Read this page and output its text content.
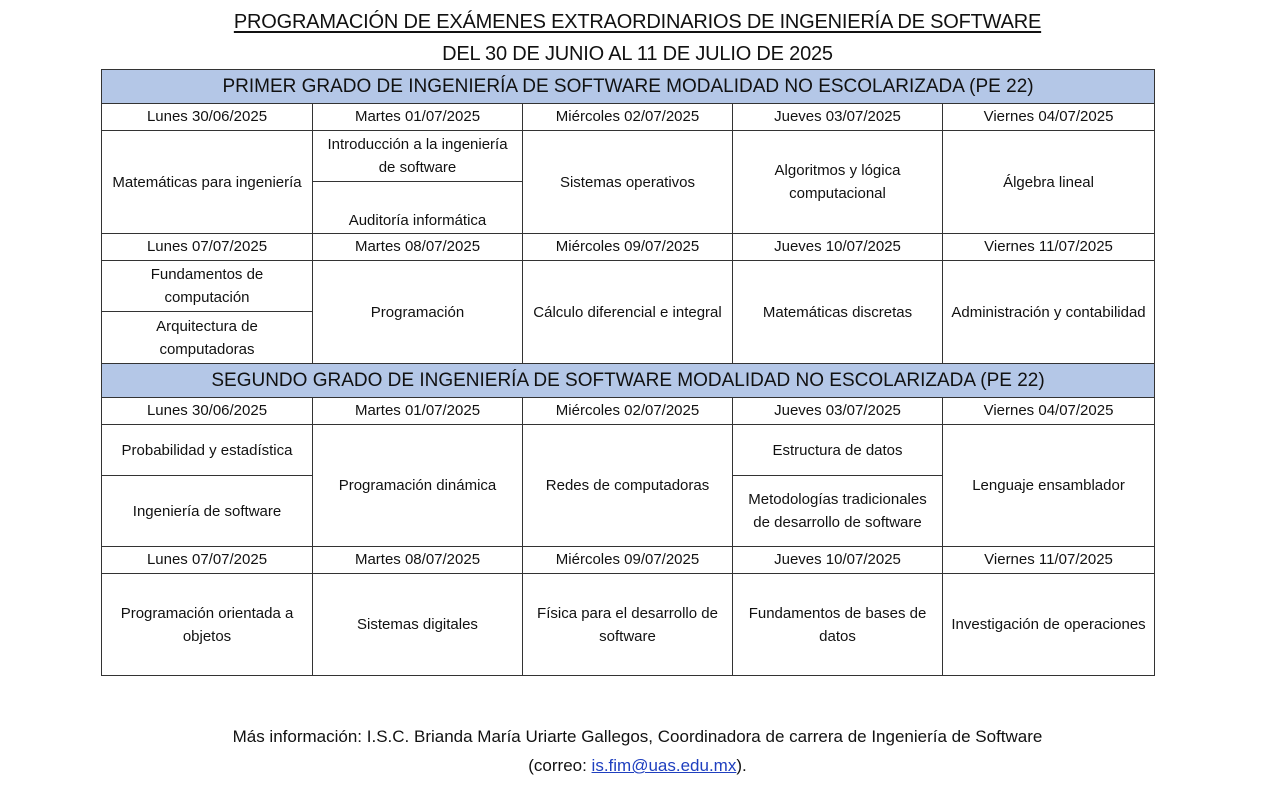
PROGRAMACIÓN DE EXÁMENES EXTRAORDINARIOS DE INGENIERÍA DE SOFTWARE
DEL 30 DE JUNIO AL 11 DE JULIO DE 2025
PRIMER GRADO DE INGENIERÍA DE SOFTWARE MODALIDAD NO ESCOLARIZADA (PE 22)				
Lunes 30/06/2025	Martes 01/07/2025	Miércoles 02/07/2025	Jueves 03/07/2025	Viernes 04/07/2025
Matemáticas para ingeniería	Introducción a la ingeniería de software	Sistemas operativos	Algoritmos y lógica computacional	Álgebra lineal
	Auditoría informática			
Lunes 07/07/2025	Martes 08/07/2025	Miércoles 09/07/2025	Jueves 10/07/2025	Viernes 11/07/2025
Fundamentos de computación	Programación	Cálculo diferencial e integral	Matemáticas discretas	Administración y contabilidad
Arquitectura de computadoras				
SEGUNDO GRADO DE INGENIERÍA DE SOFTWARE MODALIDAD NO ESCOLARIZADA (PE 22)				
Lunes 30/06/2025	Martes 01/07/2025	Miércoles 02/07/2025	Jueves 03/07/2025	Viernes 04/07/2025
Probabilidad y estadística	Programación dinámica	Redes de computadoras	Estructura de datos	Lenguaje ensamblador
Ingeniería de software			Metodologías tradicionales de desarrollo de software	
Lunes 07/07/2025	Martes 08/07/2025	Miércoles 09/07/2025	Jueves 10/07/2025	Viernes 11/07/2025
Programación orientada a objetos	Sistemas digitales	Física para el desarrollo de software	Fundamentos de bases de datos	Investigación de operaciones
Más información: I.S.C. Brianda María Uriarte Gallegos, Coordinadora de carrera de Ingeniería de Software
(correo: is.fim@uas.edu.mx).
